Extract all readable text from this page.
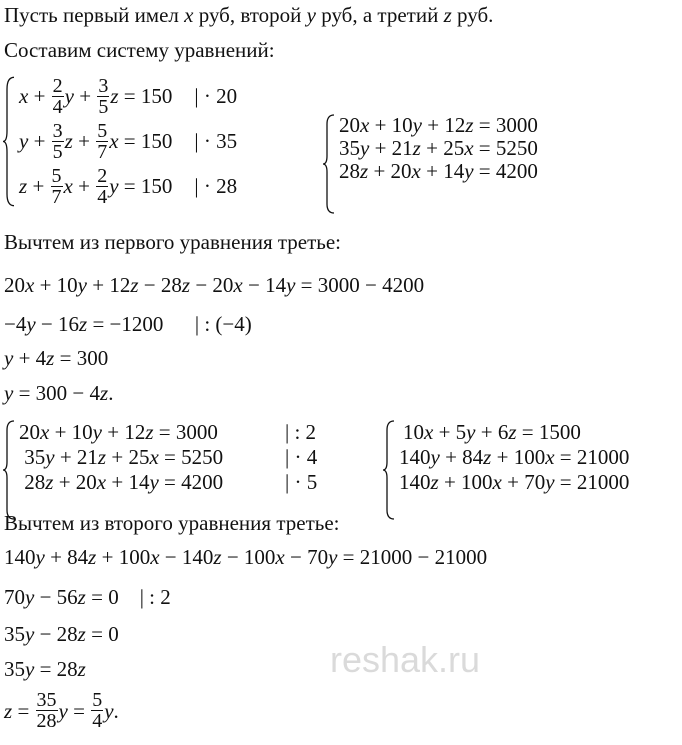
Пусть первый имел x руб, второй y руб, а третий z руб.
Составим систему уравнений:
$x + \frac{2}{4}$ $y + \frac{3}{5}$ z = 150 | · 20
$y + \frac{3}{5}$ $z + \frac{5}{7}$ x = 150 | · 35
$z + \frac{5}{7}$ $x + \frac{2}{4}$ y = 150 | · 28
20 x + 10 y + 12 z = 3000
35 y + 21 z + 25 x = 5250
28 z + 20 x + 14 y = 4200
Вычтем из первого уравнения третье:
20x + 10y + 12z − 28z − 20x − 14y = 3000 − 4200
−4y − 16z = −1200      | : (−4)
y + 4z = 300
y = 300 − 4z.
20x + 10y + 12z = 3000	| : 2
35y + 21z + 25x = 5250	| · 4
28z + 20x + 14y = 4200	| · 5
10 x + 5 y + 6 z = 1500
140 y + 84 z + 100 x = 21000
140 z + 100 x + 70 y = 21000
Вычтем из второго уравнения третье:
140y + 84z + 100x − 140z − 100x − 70y = 21000 − 21000
70y − 56z = 0    | : 2
35y − 28z = 0
35y = 28z
$z = \frac{35}{28}$ $y = \frac{5}{4} y$.
reshak.ru
